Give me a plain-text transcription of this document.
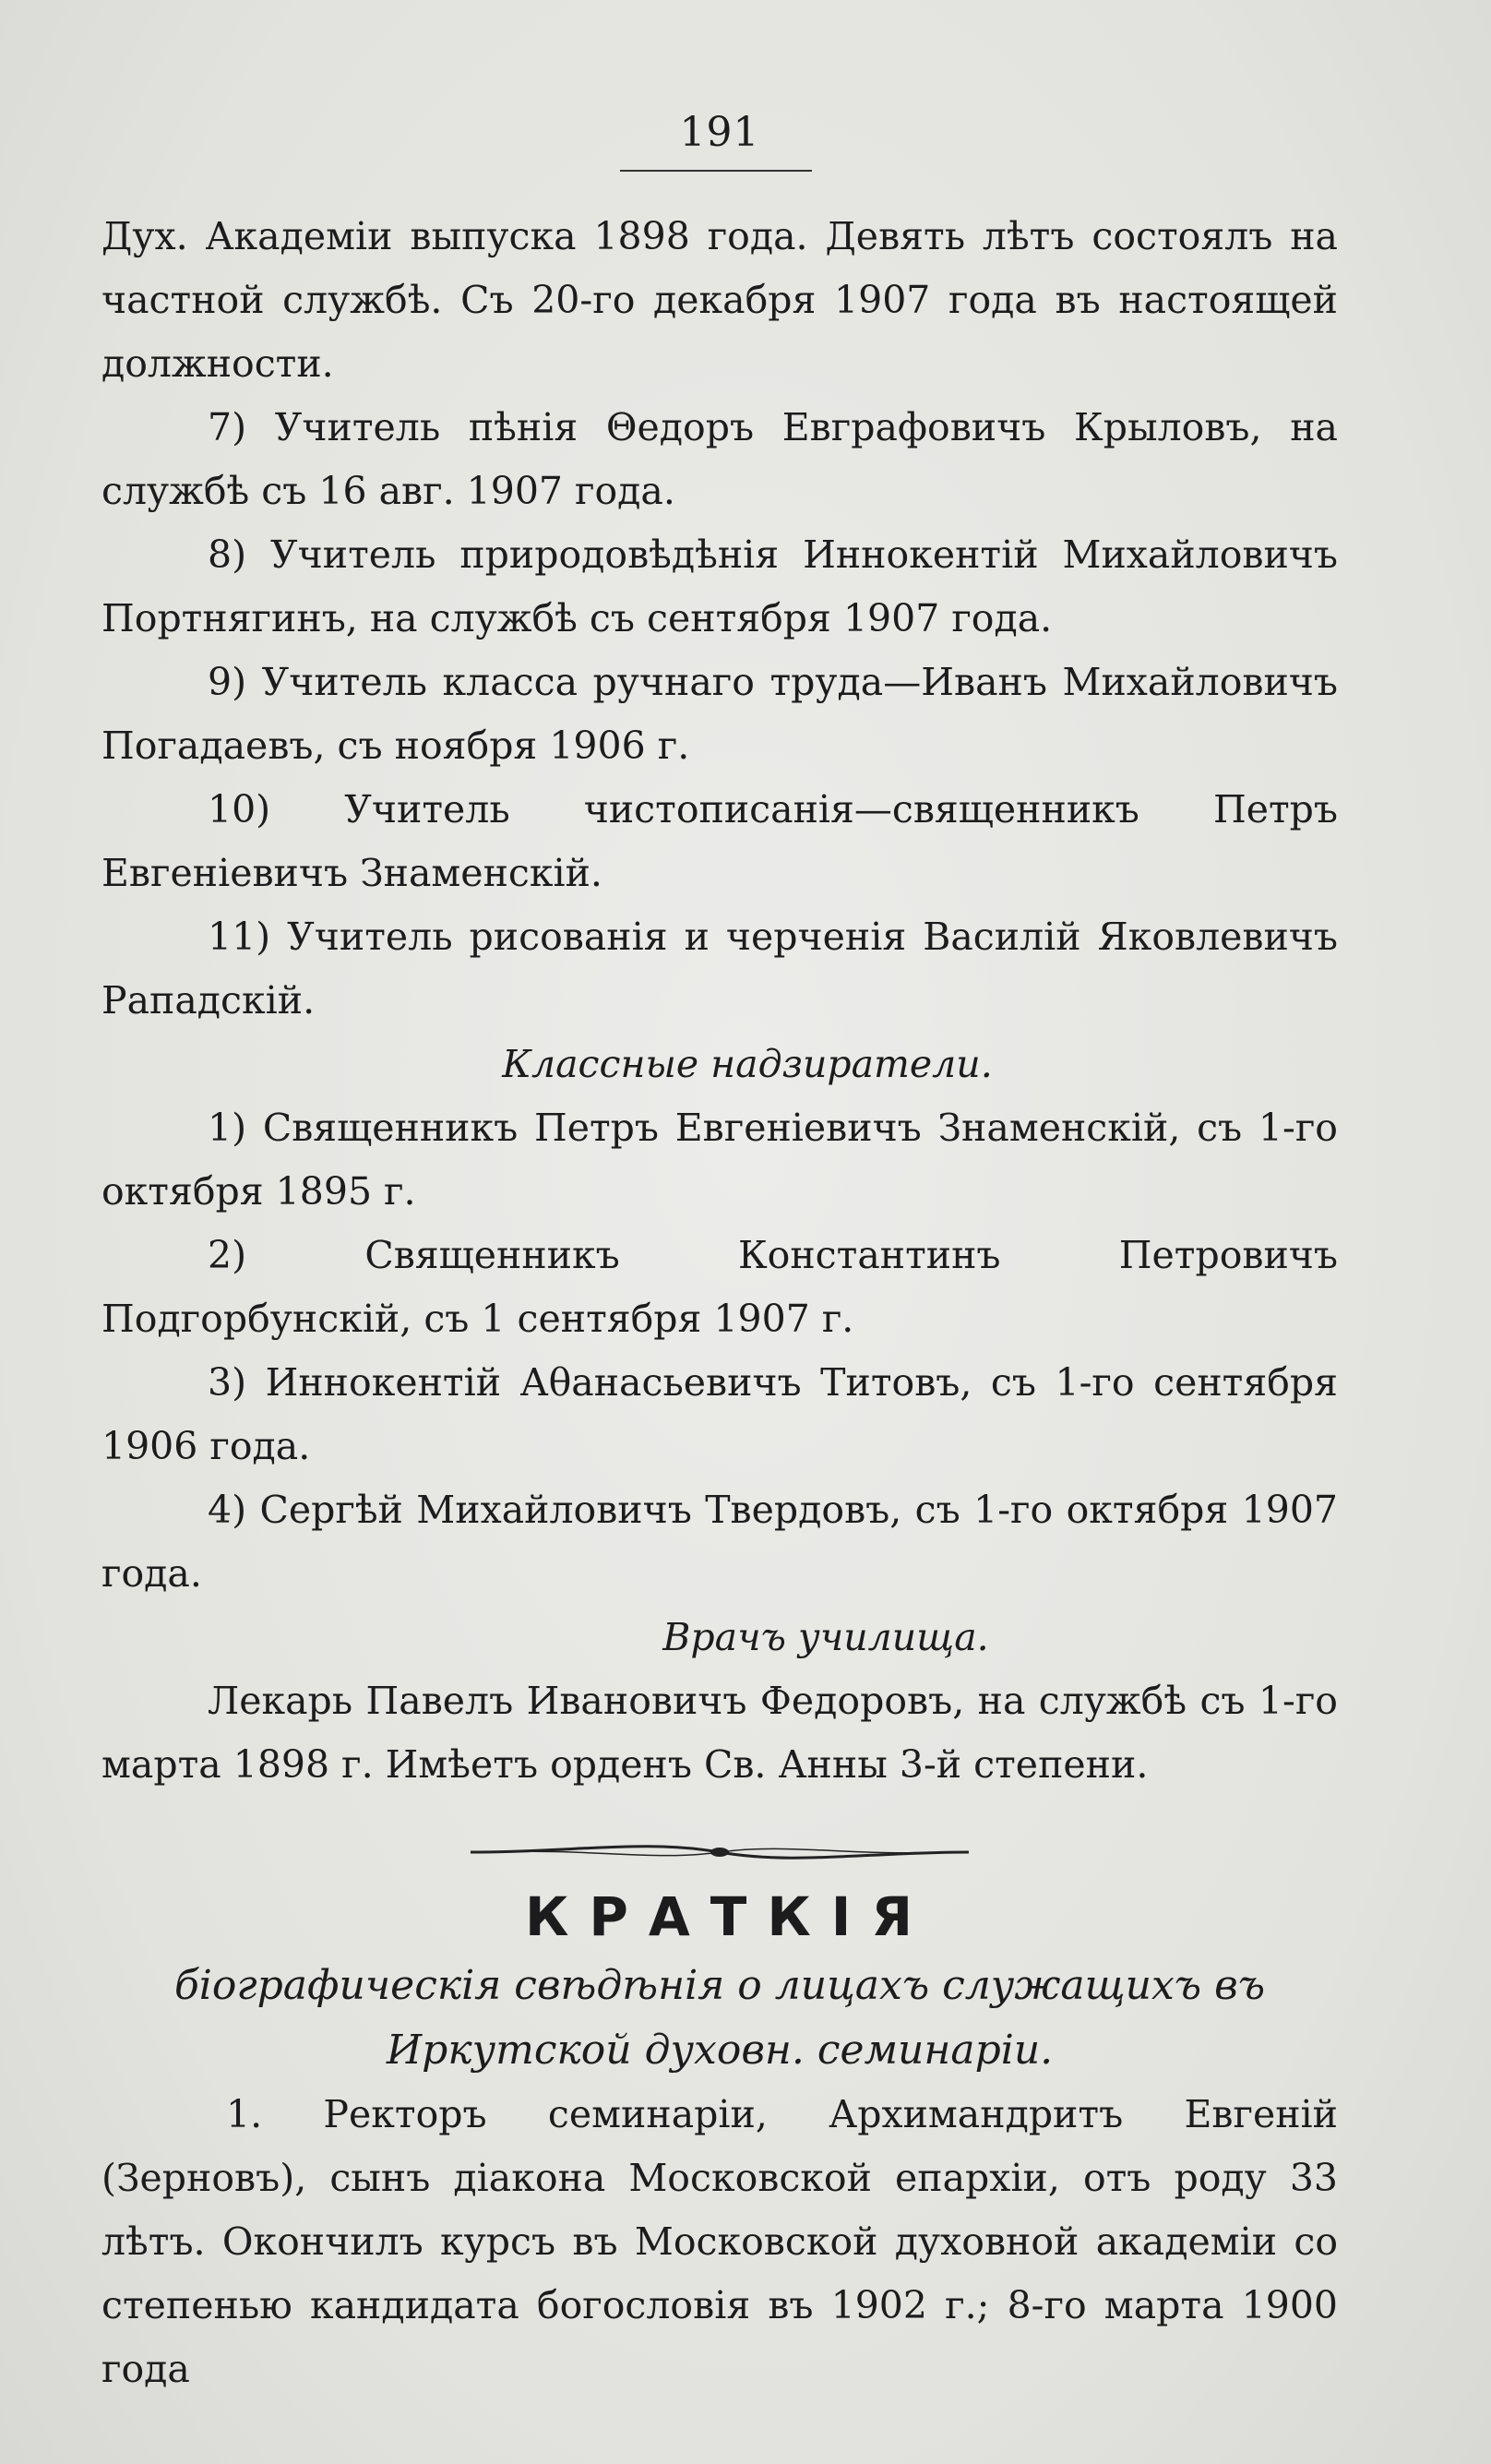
191

Дух. Академіи выпуска 1898 года. Девять лѣтъ состоялъ на частной службѣ. Съ 20-го декабря 1907 года въ настоящей должности.

7) Учитель пѣнія Θедоръ Евграфовичъ Крыловъ, на службѣ съ 16 авг. 1907 года.

8) Учитель природовѣдѣнія Иннокентій Михайловичъ Портнягинъ, на службѣ съ сентября 1907 года.

9) Учитель класса ручнаго труда—Иванъ Михайловичъ Погадаевъ, съ ноября 1906 г.

10) Учитель чистописанія—священникъ Петръ Евгеніевичъ Знаменскій.

11) Учитель рисованія и черченія Василій Яковлевичъ Рападскій.

Классные надзиратели.

1) Священникъ Петръ Евгеніевичъ Знаменскій, съ 1-го октября 1895 г.

2) Священникъ Константинъ Петровичъ Подгорбунскій, съ 1 сентября 1907 г.

3) Иннокентій Аθанасьевичъ Титовъ, съ 1-го сентября 1906 года.

4) Сергѣй Михайловичъ Твердовъ, съ 1-го октября 1907 года.

Врачъ училища.

Лекарь Павелъ Ивановичъ Федоровъ, на службѣ съ 1-го марта 1898 г. Имѣетъ орденъ Св. Анны 3-й степени.

КРАТКІЯ

біографическія свѣдѣнія о лицахъ служащихъ въ

Иркутской духовн. семинаріи.

1. Ректоръ семинаріи, Архимандритъ Евгеній (Зерновъ), сынъ діакона Московской епархіи, отъ роду 33 лѣтъ. Окончилъ курсъ въ Московской духовной академіи со степенью кандидата богословія въ 1902 г.; 8-го марта 1900 года
